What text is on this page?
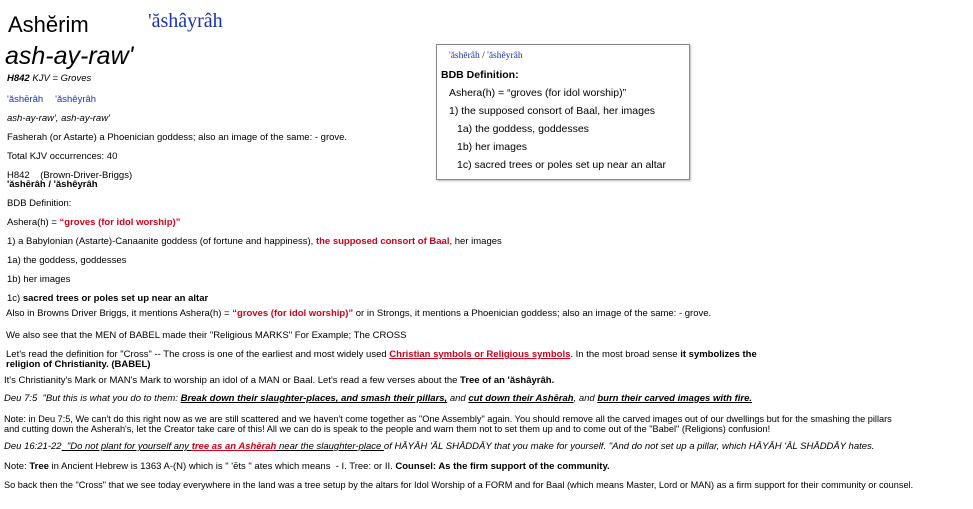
Ashĕrim	'ăshâyrâh
ash-ay-raw'
H842 KJV = Groves
'ăshērâh 'ăshêyrâh
ash-ay-raw', ash-ay-raw'
Fasherah (or Astarte) a Phoenician goddess; also an image of the same: - grove.
Total KJV occurrences: 40
H842    (Brown-Driver-Briggs)
'ăshērâh / 'ăshêyrâh
BDB Definition:
Ashera(h) = “groves (for idol worship)”
1) a Babylonian (Astarte)-Canaanite goddess (of fortune and happiness), the supposed consort of Baal, her images
1a) the goddess, goddesses
1b) her images
1c) sacred trees or poles set up near an altar
'ăshērâh / 'ăshêyrâh
BDB Definition:
Ashera(h) = “groves (for idol worship)”
1) the supposed consort of Baal, her images
1a) the goddess, goddesses
1b) her images
1c) sacred trees or poles set up near an altar
Also in Browns Driver Briggs, it mentions Ashera(h) = “groves (for idol worship)” or in Strongs, it mentions a Phoenician goddess; also an image of the same: - grove.
We also see that the MEN of BABEL made their "Religious MARKS" For Example; The CROSS
Let's read the definition for "Cross" -- The cross is one of the earliest and most widely used Christian symbols or Religious symbols. In the most broad sense it symbolizes the
religion of Christianity. (BABEL)
It's Christianity's Mark or MAN's Mark to worship an idol of a MAN or Baal. Let's read a few verses about the Tree of an 'ăshâyrâh.
Deu 7:5  "But this is what you do to them: Break down their slaughter-places, and smash their pillars, and cut down their Ashērah, and burn their carved images with fire.
Note: in Deu 7:5, We can't do this right now as we are still scattered and we haven't come together as "One Assembly" again. You should remove all the carved images out of our dwellings but for the smashing the pillars
and cutting down the Asherah's, let the Creator take care of this! All we can do is speak to the people and warn them not to set them up and to come out of the "Babel" (Religions) confusion!
Deu 16:21-22  "Do not plant for yourself any tree as an Ashērah near the slaughter-place of HĀYĀH 'ĀL SHĀDDĀY that you make for yourself. "And do not set up a pillar, which HĀYĀH 'ĀL SHĀDDĀY hates.
Note: Tree in Ancient Hebrew is 1363 A-(N) which is " 'ēts " ates which means  - I. Tree: or II. Counsel: As the firm support of the community.
So back then the "Cross" that we see today everywhere in the land was a tree setup by the altars for Idol Worship of a FORM and for Baal (which means Master, Lord or MAN) as a firm support for their community or counsel.
